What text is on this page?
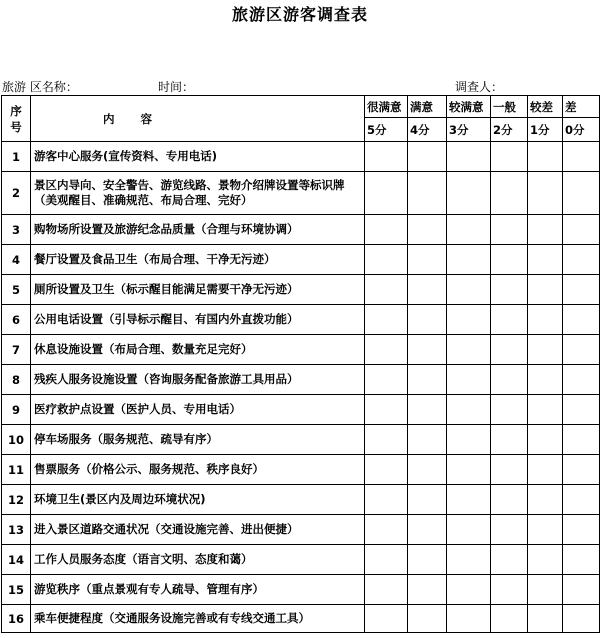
旅游区游客调查表
旅游 区名称：	时间：	调查人：
序号	内 容	很满意	满意	较满意	一般	较差	差
		5分	4分	3分	2分	1分	0分
1	游客中心服务(宣传资料、专用电话)						
2	景区内导向、安全警告、游览线路、景物介绍牌设置等标识牌（美观醒目、准确规范、布局合理、完好）						
3	购物场所设置及旅游纪念品质量（合理与环境协调）						
4	餐厅设置及食品卫生（布局合理、干净无污迹）						
5	厕所设置及卫生（标示醒目能满足需要干净无污迹）						
6	公用电话设置（引导标示醒目、有国内外直拨功能）						
7	休息设施设置（布局合理、数量充足完好）						
8	残疾人服务设施设置（咨询服务配备旅游工具用品）						
9	医疗救护点设置（医护人员、专用电话）						
10	停车场服务（服务规范、疏导有序）						
11	售票服务（价格公示、服务规范、秩序良好）						
12	环境卫生(景区内及周边环境状况)						
13	进入景区道路交通状况（交通设施完善、进出便捷）						
14	工作人员服务态度（语言文明、态度和蔼）						
15	游览秩序（重点景观有专人疏导、管理有序）						
16	乘车便捷程度（交通服务设施完善或有专线交通工具）						
